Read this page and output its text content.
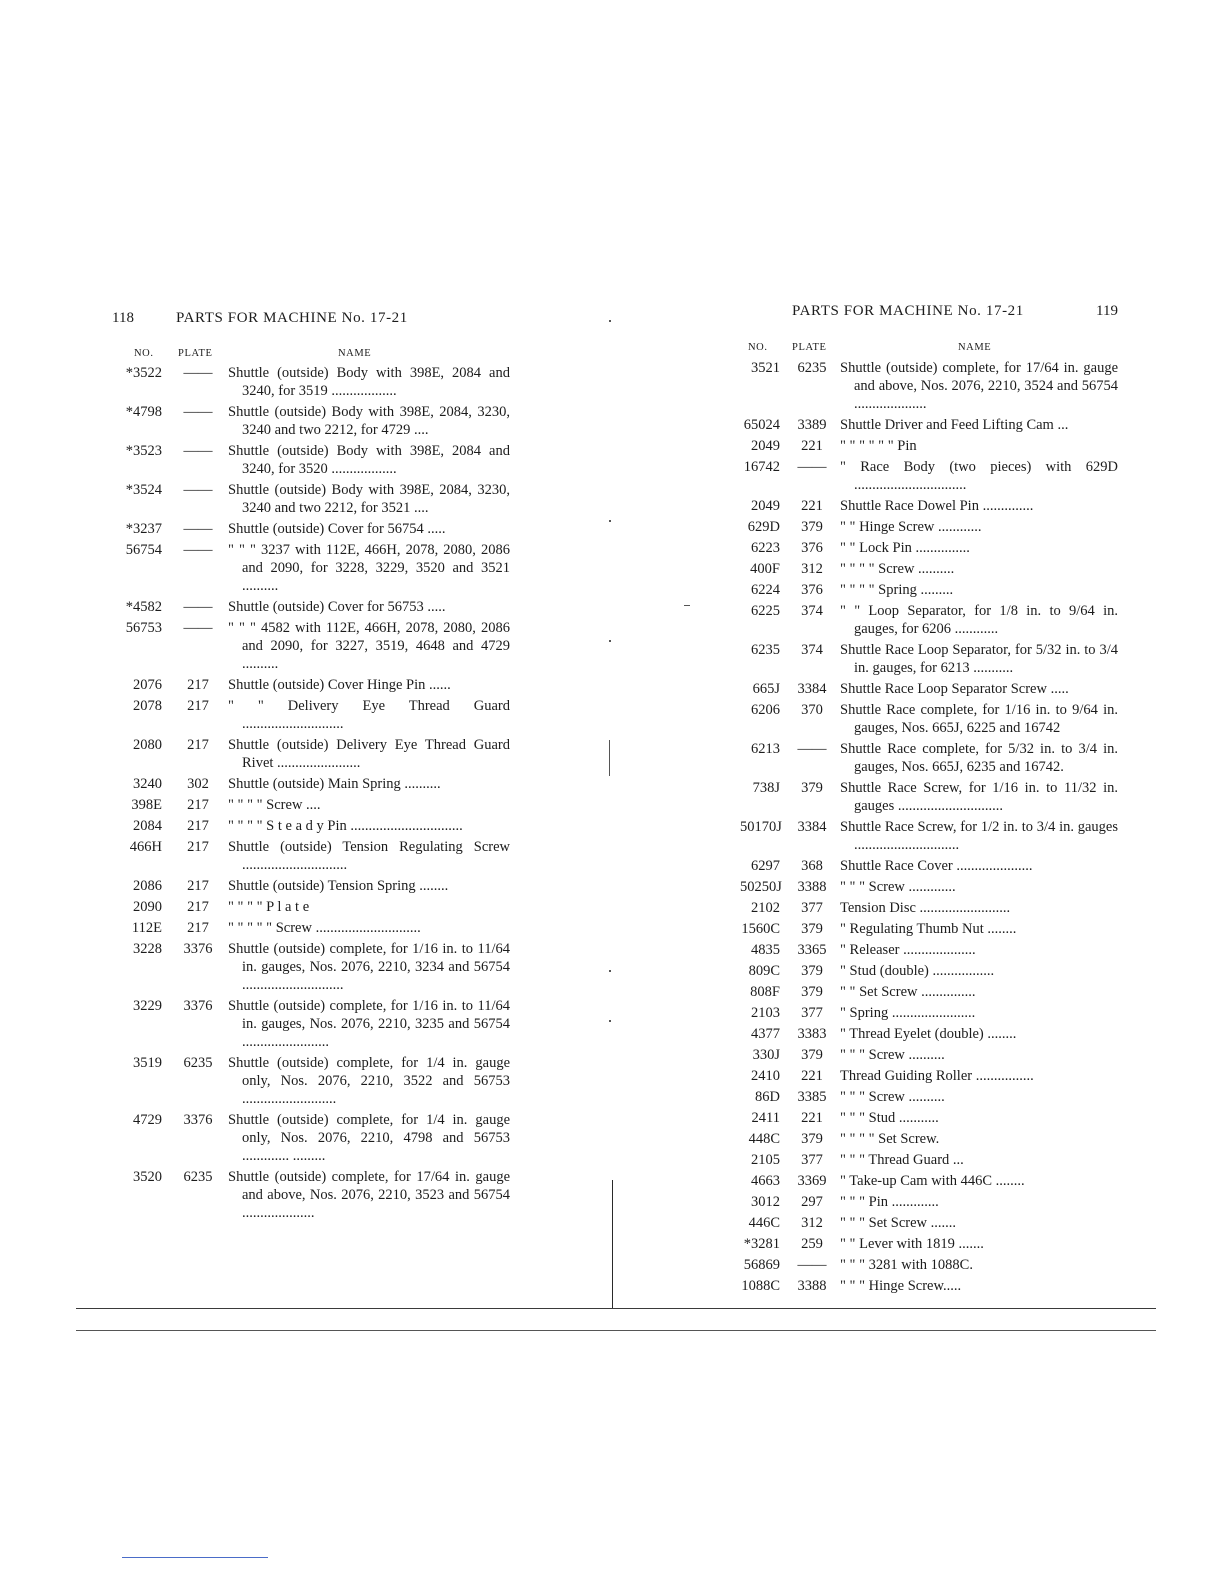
118	PARTS FOR MACHINE No. 17-21
NO. PLATE	NAME
*3522	——	Shuttle (outside) Body with 398E, 2084 and 3240, for 3519 ..................
*4798	——	Shuttle (outside) Body with 398E, 2084, 3230, 3240 and two 2212, for 4729 ....
*3523	——	Shuttle (outside) Body with 398E, 2084 and 3240, for 3520 ..................
*3524	——	Shuttle (outside) Body with 398E, 2084, 3230, 3240 and two 2212, for 3521 ....
*3237	——	Shuttle (outside) Cover for 56754 .....
56754	——	" " " 3237 with 112E, 466H, 2078, 2080, 2086 and 2090, for 3228, 3229, 3520 and 3521 ..........
*4582	——	Shuttle (outside) Cover for 56753 .....
56753	——	" " " 4582 with 112E, 466H, 2078, 2080, 2086 and 2090, for 3227, 3519, 4648 and 4729 ..........
2076	217	Shuttle (outside) Cover Hinge Pin ......
2078	217	" " Delivery Eye Thread Guard ............................
2080	217	Shuttle (outside) Delivery Eye Thread Guard Rivet .......................
3240	302	Shuttle (outside) Main Spring ..........
398E	217	" " " " Screw ....
2084	217	" " " " S t e a d y Pin ...............................
466H	217	Shuttle (outside) Tension Regulating Screw .............................
2086	217	Shuttle (outside) Tension Spring ........
2090	217	" " " " P l a t e
112E	217	" " " " " Screw .............................
3228	3376	Shuttle (outside) complete, for 1/16 in. to 11/64 in. gauges, Nos. 2076, 2210, 3234 and 56754 ............................
3229	3376	Shuttle (outside) complete, for 1/16 in. to 11/64 in. gauges, Nos. 2076, 2210, 3235 and 56754 ........................
3519	6235	Shuttle (outside) complete, for 1/4 in. gauge only, Nos. 2076, 2210, 3522 and 56753 ..........................
4729	3376	Shuttle (outside) complete, for 1/4 in. gauge only, Nos. 2076, 2210, 4798 and 56753 ............. .........
3520	6235	Shuttle (outside) complete, for 17/64 in. gauge and above, Nos. 2076, 2210, 3523 and 56754 ....................
PARTS FOR MACHINE No. 17-21	119
NO. PLATE	NAME
3521	6235 Shuttle (outside) complete, for 17/64 in. gauge and above, Nos. 2076, 2210, 3524 and 56754 ....................
65024	3389 Shuttle Driver and Feed Lifting Cam ...
2049	221	" " " " " " Pin
16742	—— " Race Body (two pieces) with 629D ...............................
2049	221	Shuttle Race Dowel Pin ..............
629D	379	" " Hinge Screw ............
6223	376	" " Lock Pin ...............
400F	312	" " " " Screw ..........
6224	376	" " " " Spring .........
6225	374	" " Loop Separator, for 1/8 in. to 9/64 in. gauges, for 6206 ............
6235	374	Shuttle Race Loop Separator, for 5/32 in. to 3/4 in. gauges, for 6213 ...........
665J	3384 Shuttle Race Loop Separator Screw .....
6206	370	Shuttle Race complete, for 1/16 in. to 9/64 in. gauges, Nos. 665J, 6225 and 16742
6213	—— Shuttle Race complete, for 5/32 in. to 3/4 in. gauges, Nos. 665J, 6235 and 16742.
738J	379	Shuttle Race Screw, for 1/16 in. to 11/32 in. gauges .............................
50170J	3384 Shuttle Race Screw, for 1/2 in. to 3/4 in. gauges .............................
6297	368	Shuttle Race Cover .....................
50250J	3388 " " " Screw .............
2102	377	Tension Disc .........................
1560C	379	" Regulating Thumb Nut ........
4835	3365 " Releaser ....................
809C	379	" Stud (double) .................
808F	379	" " Set Screw ...............
2103	377	" Spring .......................
4377	3383 " Thread Eyelet (double) ........
330J	379	" " " Screw ..........
2410	221	Thread Guiding Roller ................
86D	3385 " " " Screw ..........
2411	221	" " " Stud ...........
448C	379	" " " " Set Screw.
2105	377	" " " Thread Guard ...
4663	3369 " Take-up Cam with 446C ........
3012	297	" " " Pin .............
446C	312	" " " Set Screw .......
*3281	259	" " Lever with 1819 .......
56869	—— " " " 3281 with 1088C.
1088C	3388 " " " Hinge Screw.....
